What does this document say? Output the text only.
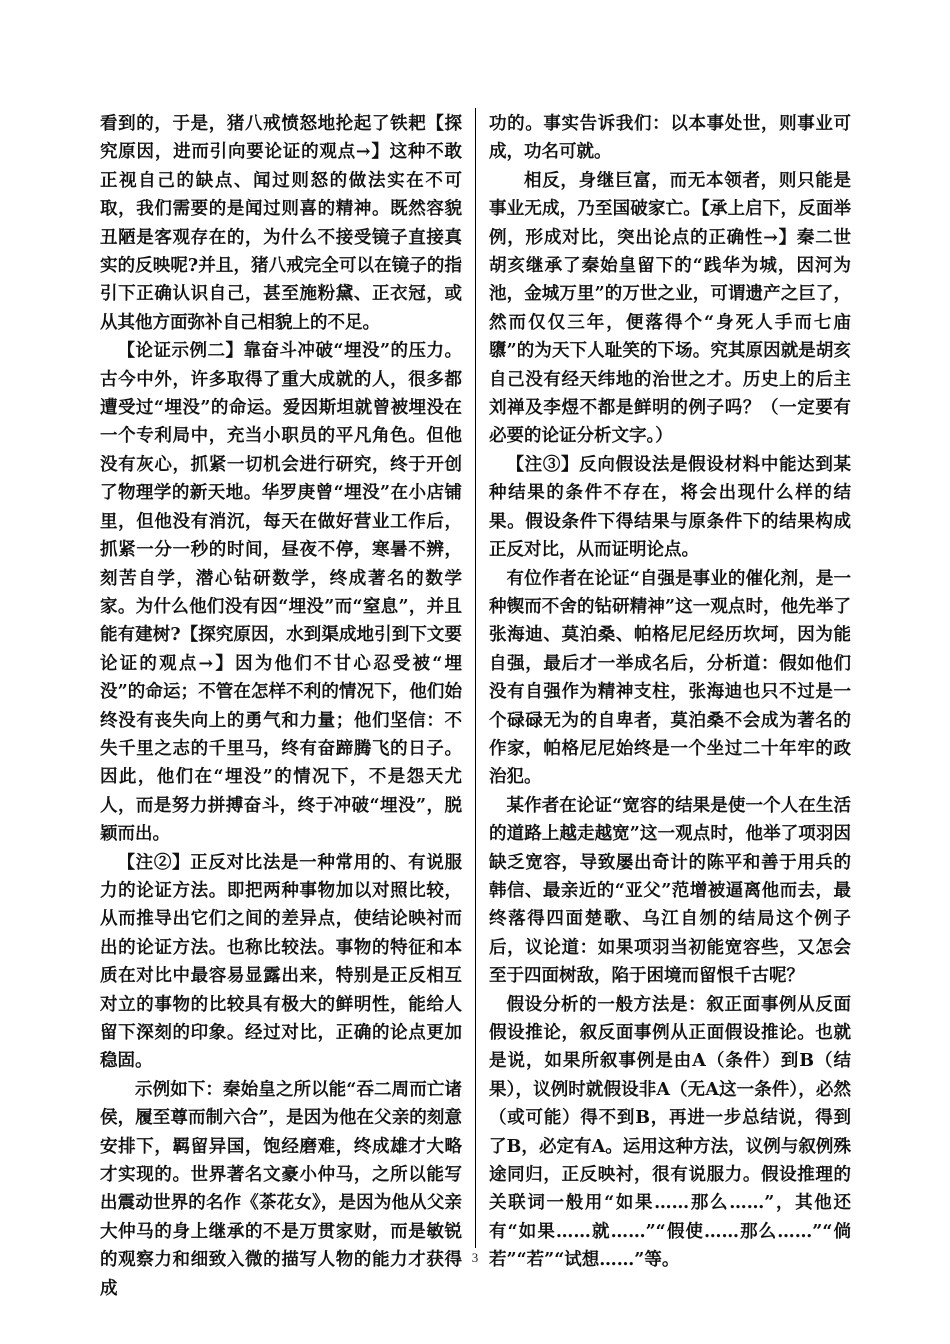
看到的，于是，猪八戒愤怒地抡起了铁耙【探究原因，进而引向要论证的观点→】这种不敢正视自己的缺点、闻过则怒的做法实在不可取，我们需要的是闻过则喜的精神。既然容貌丑陋是客观存在的，为什么不接受镜子直接真实的反映呢?并且，猪八戒完全可以在镜子的指引下正确认识自己，甚至施粉黛、正衣冠，或从其他方面弥补自己相貌上的不足。

【论证示例二】靠奋斗冲破“埋没”的压力。古今中外，许多取得了重大成就的人，很多都遭受过“埋没”的命运。爱因斯坦就曾被埋没在一个专利局中，充当小职员的平凡角色。但他没有灰心，抓紧一切机会进行研究，终于开创了物理学的新天地。华罗庚曾“埋没”在小店铺里，但他没有消沉，每天在做好营业工作后，抓紧一分一秒的时间，昼夜不停，寒暑不辨，刻苦自学，潜心钻研数学，终成著名的数学家。为什么他们没有因“埋没”而“窒息”，并且能有建树?【探究原因，水到渠成地引到下文要论证的观点→】因为他们不甘心忍受被“埋没”的命运；不管在怎样不利的情况下，他们始终没有丧失向上的勇气和力量；他们坚信：不失千里之志的千里马，终有奋蹄腾飞的日子。因此，他们在“埋没”的情况下，不是怨天尤人，而是努力拼搏奋斗，终于冲破“埋没”，脱颖而出。

【注②】正反对比法是一种常用的、有说服力的论证方法。即把两种事物加以对照比较，从而推导出它们之间的差异点，使结论映衬而出的论证方法。也称比较法。事物的特征和本质在对比中最容易显露出来，特别是正反相互对立的事物的比较具有极大的鲜明性，能给人留下深刻的印象。经过对比，正确的论点更加稳固。

示例如下：秦始皇之所以能“吞二周而亡诸侯，履至尊而制六合”，是因为他在父亲的刻意安排下，羁留异国，饱经磨难，终成雄才大略才实现的。世界著名文豪小仲马，之所以能写出震动世界的名作《茶花女》，是因为他从父亲大仲马的身上继承的不是万贯家财，而是敏锐的观察力和细致入微的描写人物的能力才获得成

功的。事实告诉我们：以本事处世，则事业可成，功名可就。

相反，身继巨富，而无本领者，则只能是事业无成，乃至国破家亡。【承上启下，反面举例，形成对比，突出论点的正确性→】秦二世胡亥继承了秦始皇留下的“践华为城，因河为池，金城万里”的万世之业，可谓遗产之巨了，然而仅仅三年，便落得个“身死人手而七庙隳”的为天下人耻笑的下场。究其原因就是胡亥自己没有经天纬地的治世之才。历史上的后主刘禅及李煜不都是鲜明的例子吗？（一定要有必要的论证分析文字。）

【注③】反向假设法是假设材料中能达到某种结果的条件不存在，将会出现什么样的结果。假设条件下得结果与原条件下的结果构成正反对比，从而证明论点。

有位作者在论证“自强是事业的催化剂，是一种锲而不舍的钻研精神”这一观点时，他先举了张海迪、莫泊桑、帕格尼尼经历坎坷，因为能自强，最后才一举成名后，分析道：假如他们没有自强作为精神支柱，张海迪也只不过是一个碌碌无为的自卑者，莫泊桑不会成为著名的作家，帕格尼尼始终是一个坐过二十年牢的政治犯。

某作者在论证“宽容的结果是使一个人在生活的道路上越走越宽”这一观点时，他举了项羽因缺乏宽容，导致屡出奇计的陈平和善于用兵的韩信、最亲近的“亚父”范增被逼离他而去，最终落得四面楚歌、乌江自刎的结局这个例子后，议论道：如果项羽当初能宽容些，又怎会至于四面树敌，陷于困境而留恨千古呢？

假设分析的一般方法是：叙正面事例从反面假设推论，叙反面事例从正面假设推论。也就是说，如果所叙事例是由A（条件）到B（结果），议例时就假设非A（无A这一条件），必然（或可能）得不到B，再进一步总结说，得到了B，必定有A。运用这种方法，议例与叙例殊途同归，正反映衬，很有说服力。假设推理的关联词一般用“如果……那么……”，其他还有“如果……就……”“假使……那么……”“倘若”“若”“试想……”等。

3
